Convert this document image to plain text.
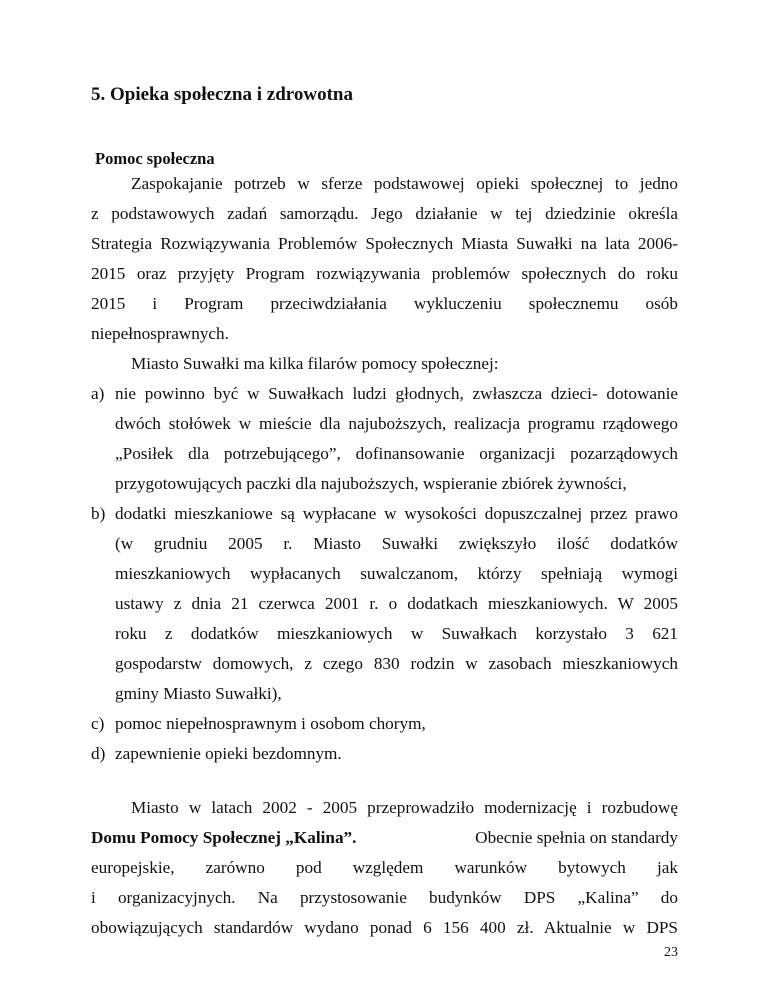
5. Opieka społeczna i zdrowotna
Pomoc społeczna
Zaspokajanie potrzeb w sferze podstawowej opieki społecznej to jedno
z podstawowych zadań samorządu. Jego działanie w tej dziedzinie określa
Strategia Rozwiązywania Problemów Społecznych Miasta Suwałki na lata 2006-
2015 oraz przyjęty Program rozwiązywania problemów społecznych do roku
2015 i Program przeciwdziałania wykluczeniu społecznemu osób
niepełnosprawnych.
Miasto Suwałki ma kilka filarów pomocy społecznej:
a) nie powinno być w Suwałkach ludzi głodnych, zwłaszcza dzieci- dotowanie
dwóch stołówek w mieście dla najuboższych, realizacja programu rządowego
„Posiłek dla potrzebującego”, dofinansowanie organizacji pozarządowych
przygotowujących paczki dla najuboższych, wspieranie zbiórek żywności,
b) dodatki mieszkaniowe są wypłacane w wysokości dopuszczalnej przez prawo
(w grudniu 2005 r. Miasto Suwałki zwiększyło ilość dodatków
mieszkaniowych wypłacanych suwalczanom, którzy spełniają wymogi
ustawy z dnia 21 czerwca 2001 r. o dodatkach mieszkaniowych. W 2005
roku z dodatków mieszkaniowych w Suwałkach korzystało 3 621
gospodarstw domowych, z czego 830 rodzin w zasobach mieszkaniowych
gminy Miasto Suwałki),
c) pomoc niepełnosprawnym i osobom chorym,
d) zapewnienie opieki bezdomnym.
Miasto w latach 2002 - 2005 przeprowadziło modernizację i rozbudowę
Domu Pomocy Społecznej „Kalina”.	Obecnie spełnia on standardy
europejskie, zarówno pod względem warunków bytowych jak
i organizacyjnych. Na przystosowanie budynków DPS „Kalina” do
obowiązujących standardów wydano ponad 6 156 400 zł. Aktualnie w DPS
23
